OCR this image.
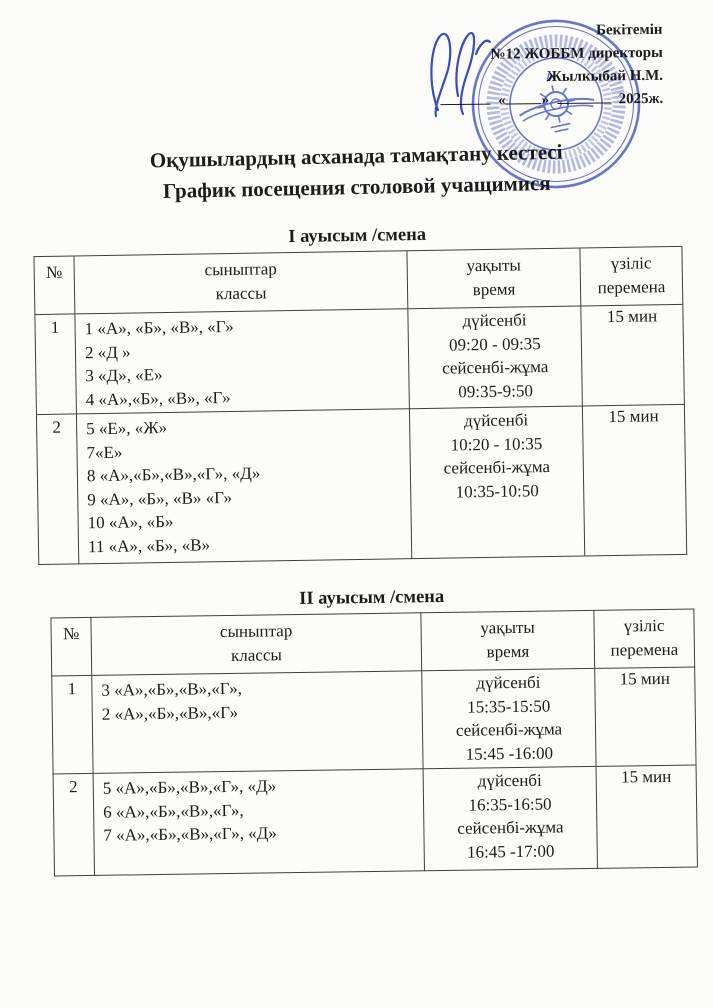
Бекітемін
№12 ЖОББМ директоры
Жылкыбай Н.М.
« »	2025ж.
Оқушылардың асханада тамақтану кестесі
График посещения столовой учащимися
I ауысым /смена
№	сыныптар
классы

уақыты
время

үзіліс
перемена

1	1 «А», «Б», «В», «Г»
2 «Д »
3 «Д», «Е»
4 «А»,«Б», «В», «Г»

дүйсенбі
09:20 - 09:35
сейсенбі-жұма
09:35-9:50
	15 мин
2	5 «Е», «Ж»
7«Е»
8 «А»,«Б»,«В»,«Г», «Д»
9 «А», «Б», «В» «Г»
10 «А», «Б»
11 «А», «Б», «В»

дүйсенбі
10:20 - 10:35
сейсенбі-жұма
10:35-10:50
	15 мин
II ауысым /смена
№	сыныптар
классы

уақыты
время

үзіліс
перемена

1	3 «А»,«Б»,«В»,«Г»,
2 «А»,«Б»,«В»,«Г»

дүйсенбі
15:35-15:50
сейсенбі-жұма
15:45 -16:00
	15 мин
2	5 «А»,«Б»,«В»,«Г», «Д»
6 «А»,«Б»,«В»,«Г»,
7 «А»,«Б»,«В»,«Г», «Д»

дүйсенбі
16:35-16:50
сейсенбі-жұма
16:45 -17:00
	15 мин
